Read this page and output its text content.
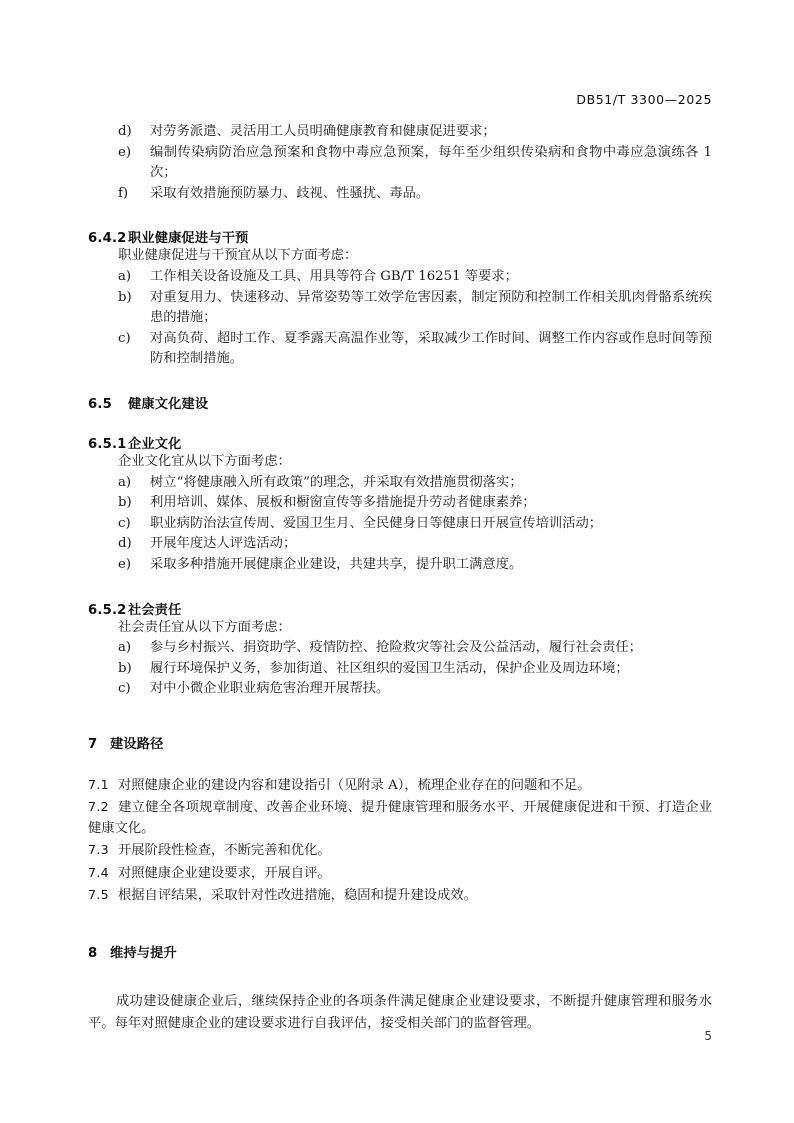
DB51/T 3300—2025
d)	对劳务派遣、灵活用工人员明确健康教育和健康促进要求；
e)	编制传染病防治应急预案和食物中毒应急预案，每年至少组织传染病和食物中毒应急演练各 1 次；
f)	采取有效措施预防暴力、歧视、性骚扰、毒品。

6.4.2职业健康促进与干预

职业健康促进与干预宜从以下方面考虑：

a)	工作相关设备设施及工具、用具等符合 GB/T 16251 等要求；
b)	对重复用力、快速移动、异常姿势等工效学危害因素，制定预防和控制工作相关肌肉骨骼系统疾患的措施；
c)	对高负荷、超时工作、夏季露天高温作业等，采取减少工作时间、调整工作内容或作息时间等预防和控制措施。

6.5 健康文化建设

6.5.1企业文化

企业文化宜从以下方面考虑：

a)	树立“将健康融入所有政策”的理念，并采取有效措施贯彻落实；
b)	利用培训、媒体、展板和橱窗宣传等多措施提升劳动者健康素养；
c)	职业病防治法宣传周、爱国卫生月、全民健身日等健康日开展宣传培训活动；
d)	开展年度达人评选活动；
e)	采取多种措施开展健康企业建设，共建共享，提升职工满意度。

6.5.2社会责任

社会责任宜从以下方面考虑：

a)	参与乡村振兴、捐资助学、疫情防控、抢险救灾等社会及公益活动，履行社会责任；
b)	履行环境保护义务，参加街道、社区组织的爱国卫生活动，保护企业及周边环境；
c)	对中小微企业职业病危害治理开展帮扶。

7 建设路径

7.1 对照健康企业的建设内容和建设指引（见附录 A），梳理企业存在的问题和不足。

7.2 建立健全各项规章制度、改善企业环境、提升健康管理和服务水平、开展健康促进和干预、打造企业健康文化。

7.3 开展阶段性检查，不断完善和优化。

7.4 对照健康企业建设要求，开展自评。

7.5 根据自评结果，采取针对性改进措施，稳固和提升建设成效。

8 维持与提升

成功建设健康企业后，继续保持企业的各项条件满足健康企业建设要求，不断提升健康管理和服务水平。每年对照健康企业的建设要求进行自我评估，接受相关部门的监督管理。

5
